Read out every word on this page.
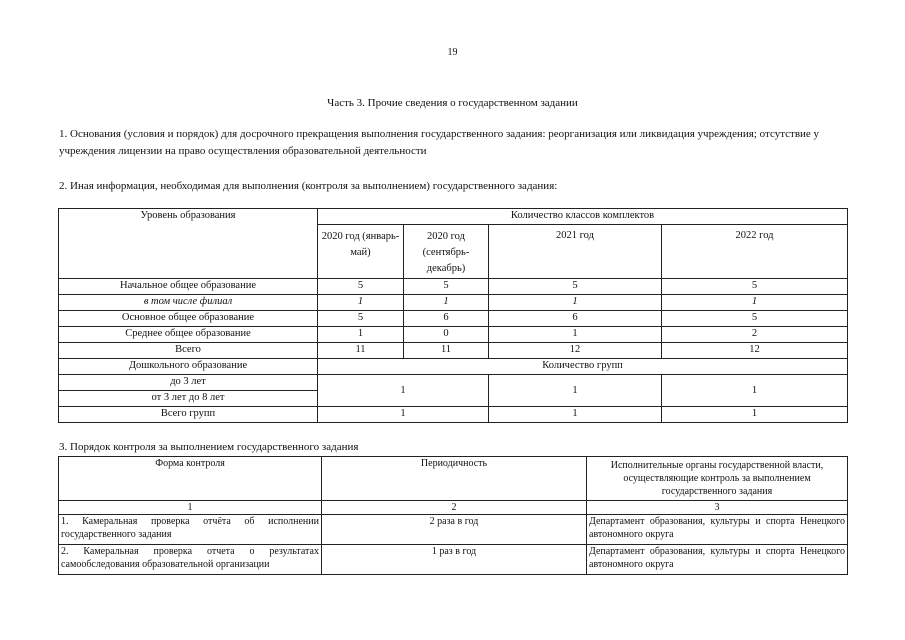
19
Часть 3. Прочие сведения о государственном задании
1. Основания (условия и порядок) для досрочного прекращения выполнения государственного задания: реорганизация или ликвидация учреждения; отсутствие у учреждения лицензии на право осуществления образовательной деятельности
2. Иная информация, необходимая для выполнения (контроля за выполнением) государственного задания:
Уровень образования	Количество классов комплектов			
	2020 год (январь-май)	2020 год (сентябрь-декабрь)	2021 год	2022 год
Начальное общее образование	5	5	5	5
в том числе филиал	1	1	1	1
Основное общее образование	5	6	6	5
Среднее общее образование	1	0	1	2
Всего	11	11	12	12
Дошкольного образование	Количество групп			
до 3 лет	1		1	1
от 3 лет до 8 лет				
Всего групп	1		1	1
3. Порядок контроля за выполнением государственного задания
Форма контроля	Периодичность	Исполнительные органы государственной власти, осуществляющие контроль за выполнением государственного задания
1	2	3
1. Камеральная проверка отчёта об исполнении государственного задания	2 раза в год	Департамент образования, культуры и спорта Ненецкого автономного округа
2. Камеральная проверка отчета о результатах самообследования образовательной организации	1 раз в год	Департамент образования, культуры и спорта Ненецкого автономного округа
